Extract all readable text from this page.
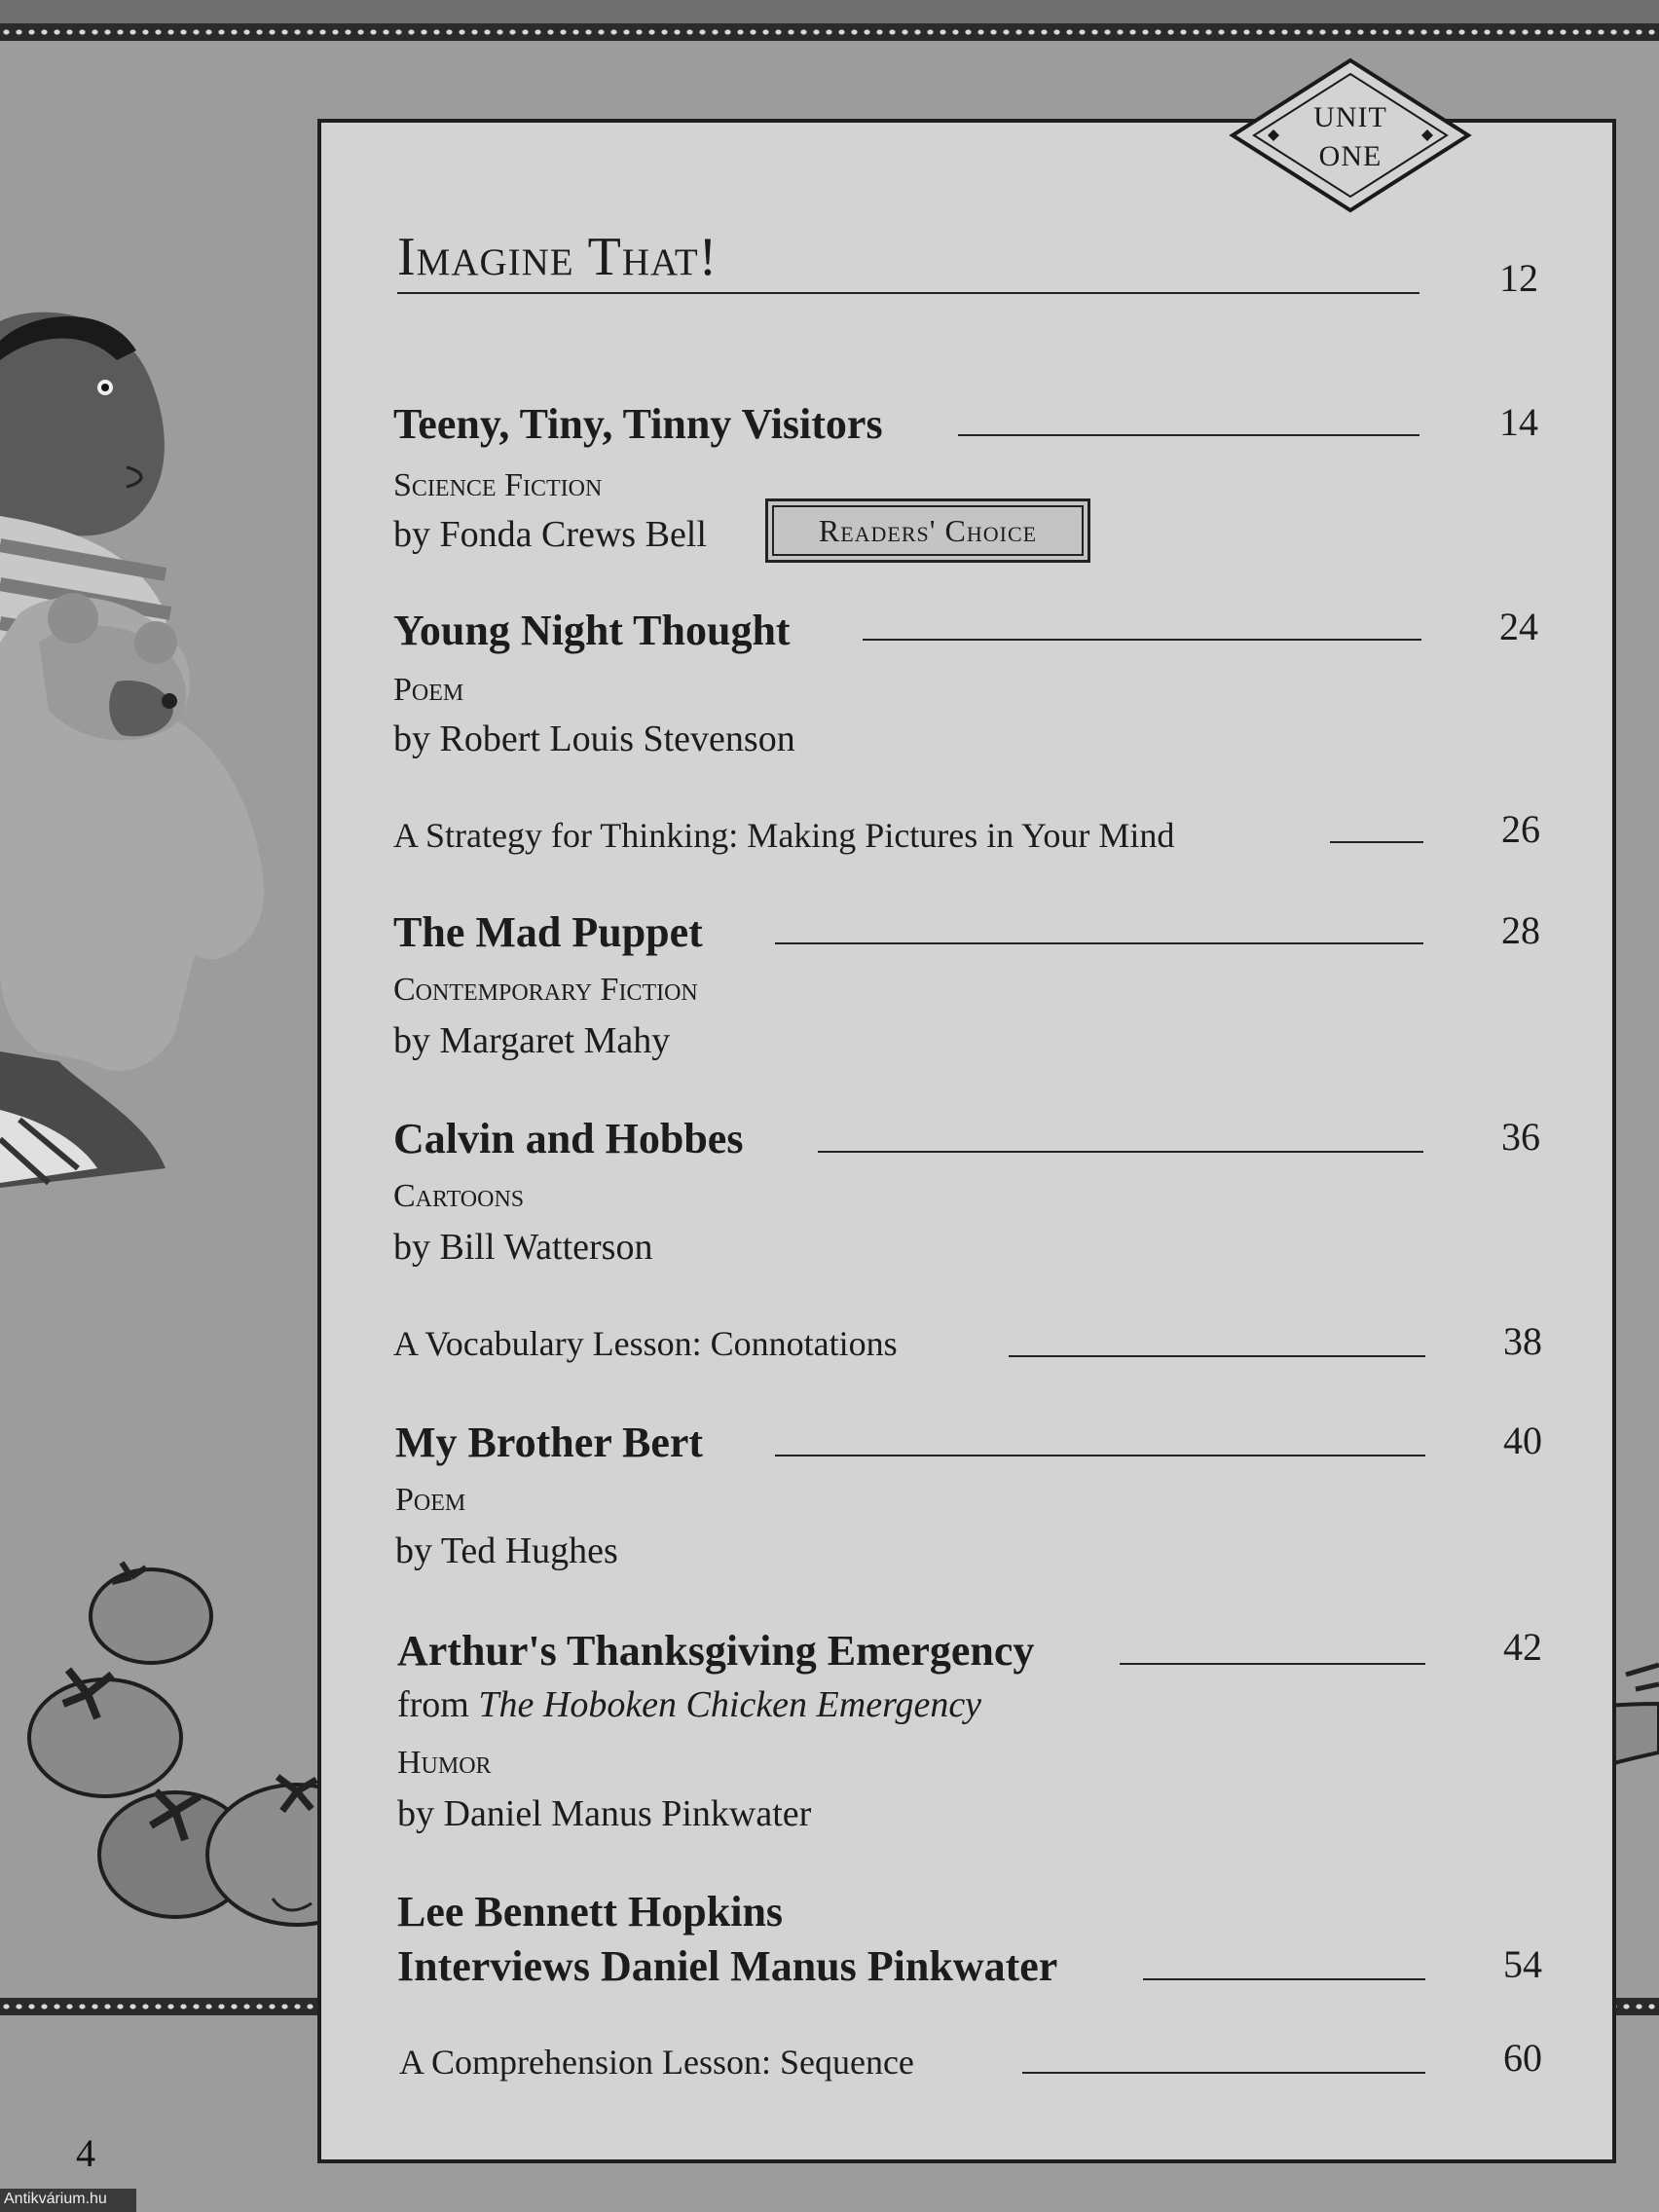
UNIT
ONE
Imagine That!	12
Teeny, Tiny, Tinny Visitors	14
Science Fiction
by Fonda Crews Bell	Readers' Choice
Young Night Thought	24
Poem
by Robert Louis Stevenson
A Strategy for Thinking: Making Pictures in Your Mind	26
The Mad Puppet	28
Contemporary Fiction
by Margaret Mahy
Calvin and Hobbes	36
Cartoons
by Bill Watterson
A Vocabulary Lesson: Connotations	38
My Brother Bert	40
Poem
by Ted Hughes
Arthur's Thanksgiving Emergency	42
from The Hoboken Chicken Emergency
Humor
by Daniel Manus Pinkwater
Lee Bennett Hopkins
Interviews Daniel Manus Pinkwater	54
A Comprehension Lesson: Sequence	60
4
Antikvárium.hu
